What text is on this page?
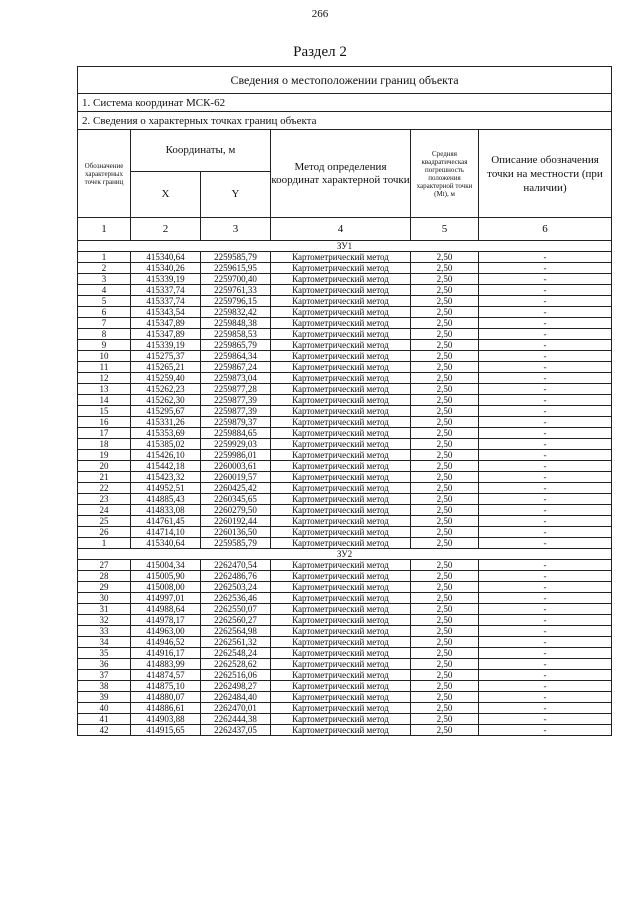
266
Раздел 2
Сведения о местоположении границ объекта					
1. Система координат МСК-62					
2. Сведения о характерных точках границ объекта					
Обозначение характерных точек границ	Координаты, м		Метод определения координат характерной точки	Средняя квадратическая погрешность положения характерной точки (Mt), м	Описание обозначения точки на местности (при наличии)
	X	Y			
1	2	3	4	5	6
ЗУ1					
1	415340,64	2259585,79	Картометрический метод	2,50	-
2	415340,26	2259615,95	Картометрический метод	2,50	-
3	415339,19	2259700,40	Картометрический метод	2,50	-
4	415337,74	2259761,33	Картометрический метод	2,50	-
5	415337,74	2259796,15	Картометрический метод	2,50	-
6	415343,54	2259832,42	Картометрический метод	2,50	-
7	415347,89	2259848,38	Картометрический метод	2,50	-
8	415347,89	2259858,53	Картометрический метод	2,50	-
9	415339,19	2259865,79	Картометрический метод	2,50	-
10	415275,37	2259864,34	Картометрический метод	2,50	-
11	415265,21	2259867,24	Картометрический метод	2,50	-
12	415259,40	2259873,04	Картометрический метод	2,50	-
13	415262,23	2259877,28	Картометрический метод	2,50	-
14	415262,30	2259877,39	Картометрический метод	2,50	-
15	415295,67	2259877,39	Картометрический метод	2,50	-
16	415331,26	2259879,37	Картометрический метод	2,50	-
17	415353,69	2259884,65	Картометрический метод	2,50	-
18	415385,02	2259929,03	Картометрический метод	2,50	-
19	415426,10	2259986,01	Картометрический метод	2,50	-
20	415442,18	2260003,61	Картометрический метод	2,50	-
21	415423,32	2260019,57	Картометрический метод	2,50	-
22	414952,51	2260425,42	Картометрический метод	2,50	-
23	414885,43	2260345,65	Картометрический метод	2,50	-
24	414833,08	2260279,50	Картометрический метод	2,50	-
25	414761,45	2260192,44	Картометрический метод	2,50	-
26	414714,10	2260136,50	Картометрический метод	2,50	-
1	415340,64	2259585,79	Картометрический метод	2,50	-
ЗУ2					
27	415004,34	2262470,54	Картометрический метод	2,50	-
28	415005,90	2262486,76	Картометрический метод	2,50	-
29	415008,00	2262503,24	Картометрический метод	2,50	-
30	414997,01	2262536,46	Картометрический метод	2,50	-
31	414988,64	2262550,07	Картометрический метод	2,50	-
32	414978,17	2262560,27	Картометрический метод	2,50	-
33	414963,00	2262564,98	Картометрический метод	2,50	-
34	414946,52	2262561,32	Картометрический метод	2,50	-
35	414916,17	2262548,24	Картометрический метод	2,50	-
36	414883,99	2262528,62	Картометрический метод	2,50	-
37	414874,57	2262516,06	Картометрический метод	2,50	-
38	414875,10	2262498,27	Картометрический метод	2,50	-
39	414880,07	2262484,40	Картометрический метод	2,50	-
40	414886,61	2262470,01	Картометрический метод	2,50	-
41	414903,88	2262444,38	Картометрический метод	2,50	-
42	414915,65	2262437,05	Картометрический метод	2,50	-
